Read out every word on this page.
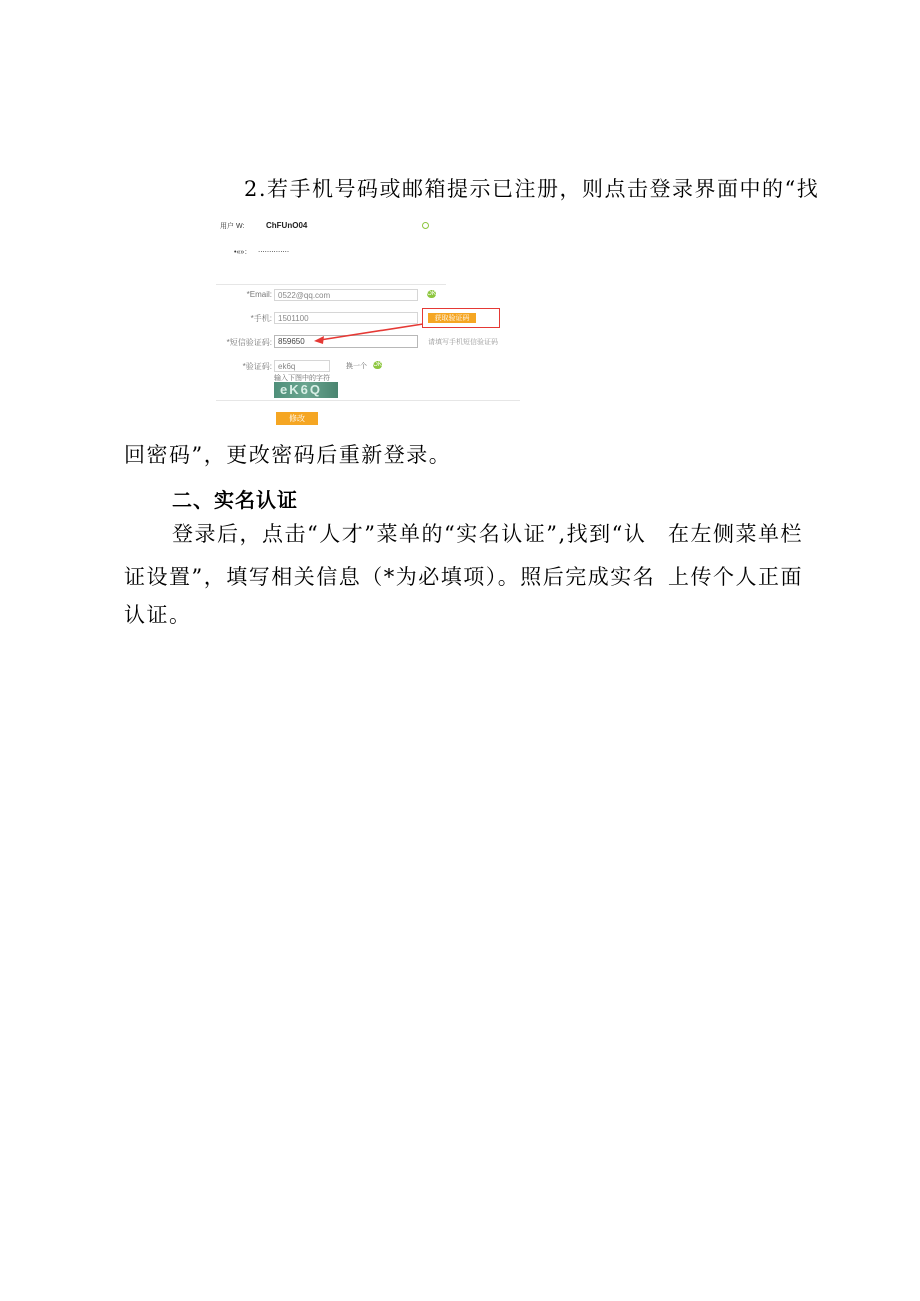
2.若手机号码或邮箱提示已注册，则点击登录界面中的“找
用户 W:	ChFUnO04
•«»： ..............
*Email: 0522@qq.com	OK
*手机: 1501100	获取验证码
*短信验证码: 859650	请填写手机短信验证码
*验证码: ek6q	换一个 OK
输入下图中的字符
eK6Q
修改
回密码”，更改密码后重新登录。
二、实名认证
登录后，点击“人才”菜单的“实名认证”,找到“认 在左侧菜单栏
证设置”，填写相关信息（*为必填项）。照后完成实名 上传个人正面
认证。
